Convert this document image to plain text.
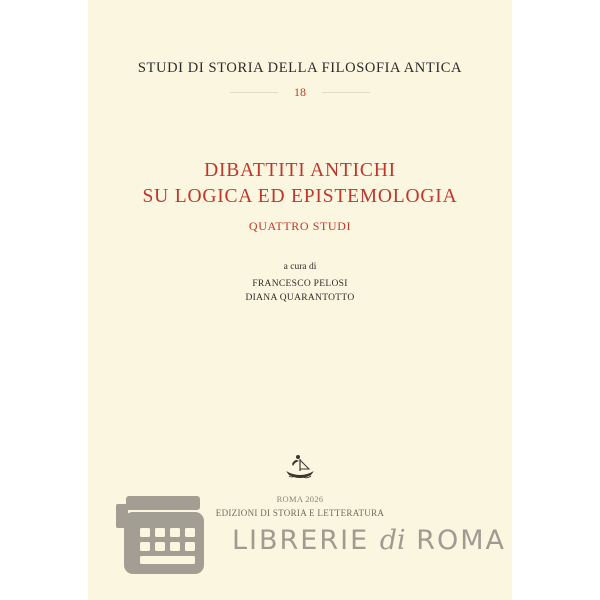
STUDI DI STORIA DELLA FILOSOFIA ANTICA
18
DIBATTITI ANTICHI
SU LOGICA ED EPISTEMOLOGIA
QUATTRO STUDI
a cura di
FRANCESCO PELOSI
DIANA QUARANTOTTO
ROMA 2026
EDIZIONI DI STORIA E LETTERATURA
LIBRERIE di ROMA
